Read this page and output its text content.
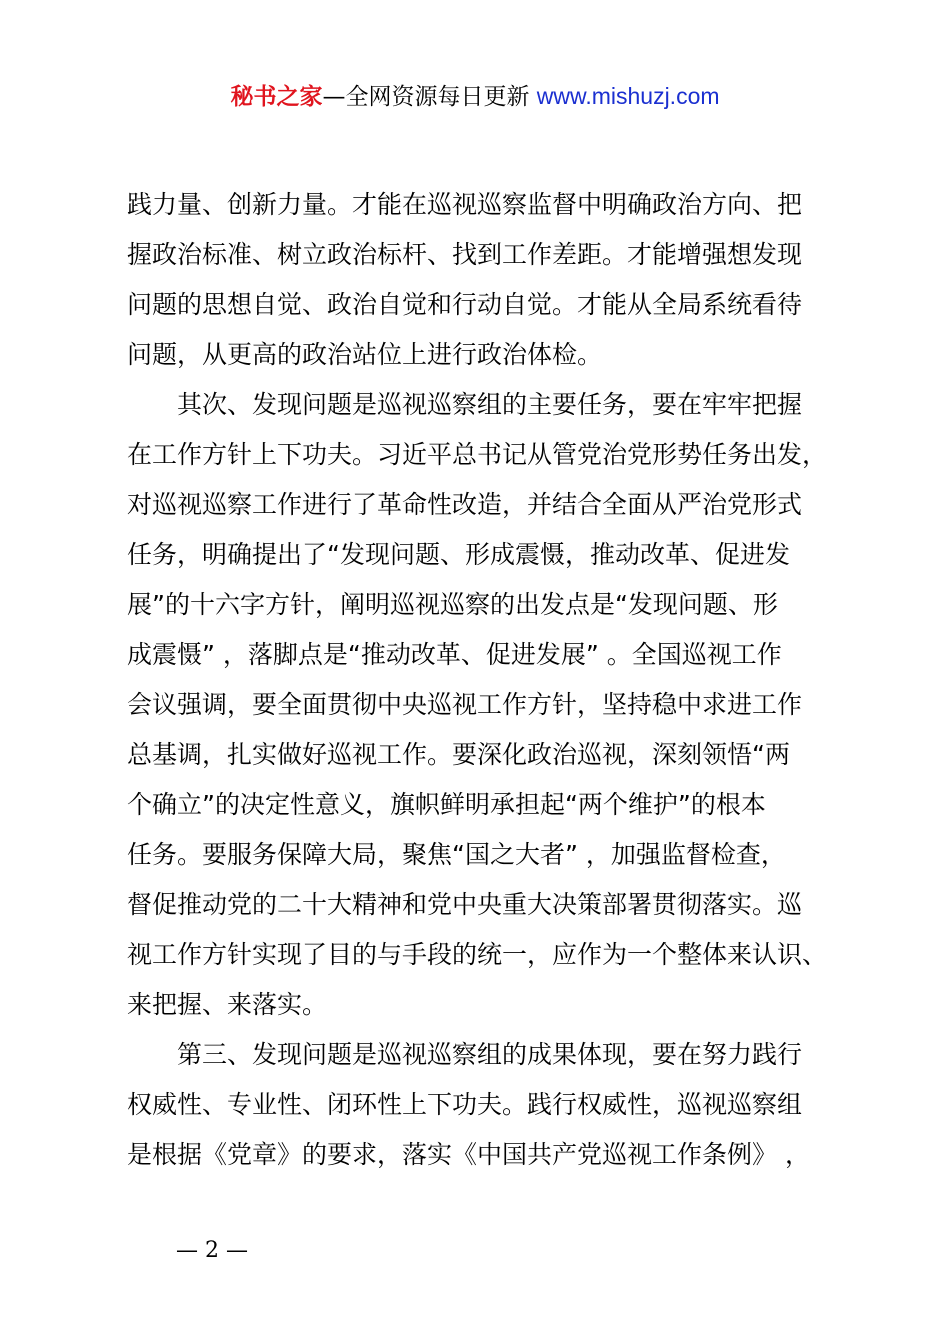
秘书之家—全网资源每日更新 www.mishuzj.com
践力量、创新力量。才能在巡视巡察监督中明确政治方向、把
握政治标准、树立政治标杆、找到工作差距。才能增强想发现
问题的思想自觉、政治自觉和行动自觉。才能从全局系统看待
问题，从更高的政治站位上进行政治体检。
其次、发现问题是巡视巡察组的主要任务，要在牢牢把握
在工作方针上下功夫。习近平总书记从管党治党形势任务出发，
对巡视巡察工作进行了革命性改造，并结合全面从严治党形式
任务，明确提出了“发现问题、形成震慑，推动改革、促进发
展”的十六字方针，阐明巡视巡察的出发点是“发现问题、形
成震慑” ，落脚点是“推动改革、促进发展” 。全国巡视工作
会议强调，要全面贯彻中央巡视工作方针，坚持稳中求进工作
总基调，扎实做好巡视工作。要深化政治巡视，深刻领悟“两
个确立”的决定性意义，旗帜鲜明承担起“两个维护”的根本
任务。要服务保障大局，聚焦“国之大者” ，加强监督检查，
督促推动党的二十大精神和党中央重大决策部署贯彻落实。巡
视工作方针实现了目的与手段的统一，应作为一个整体来认识、
来把握、来落实。
第三、发现问题是巡视巡察组的成果体现，要在努力践行
权威性、专业性、闭环性上下功夫。践行权威性，巡视巡察组
是根据《党章》的要求，落实《中国共产党巡视工作条例》 ，
— 2 —
